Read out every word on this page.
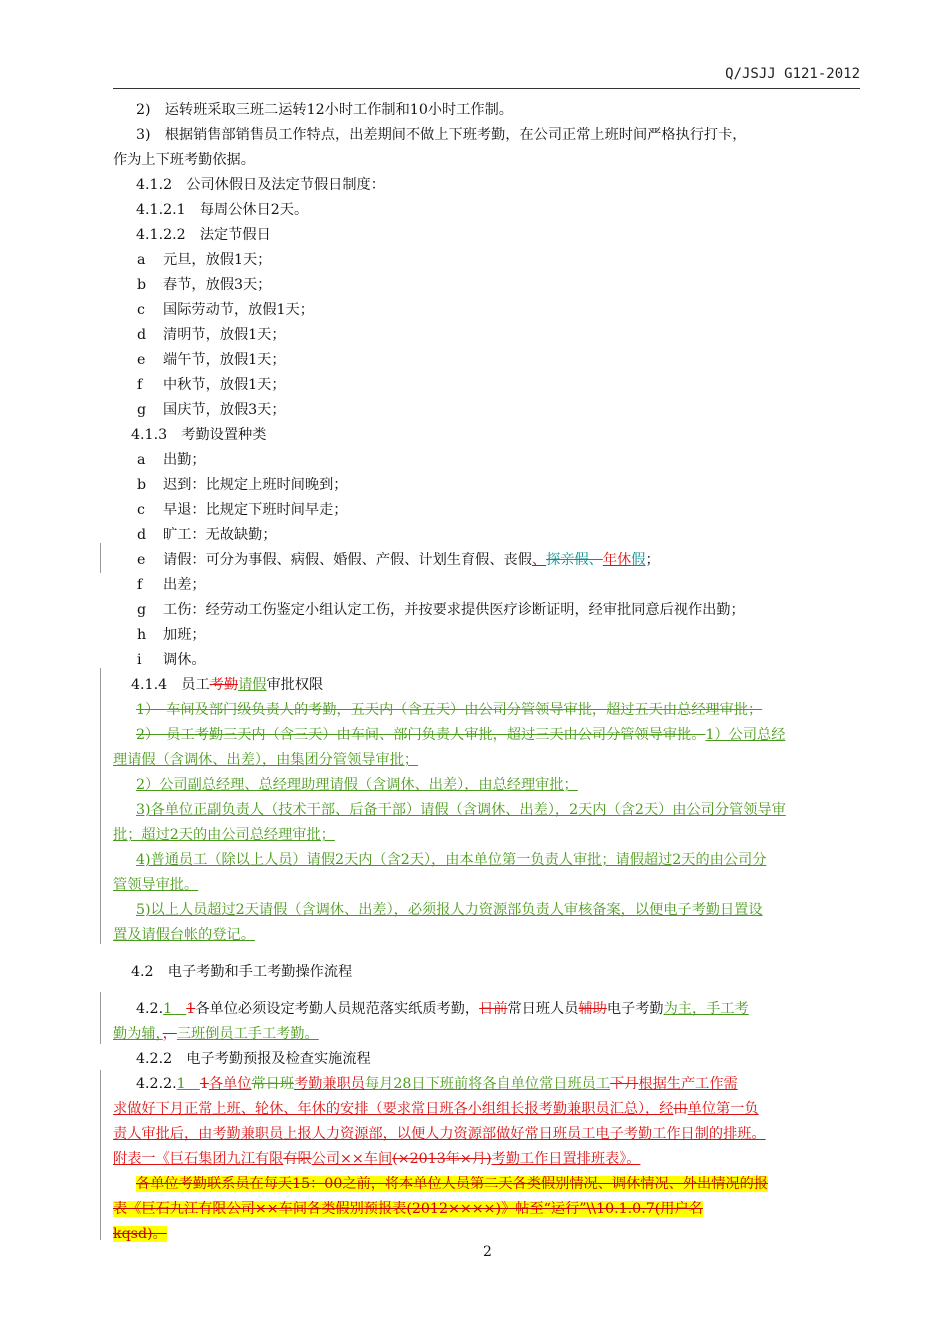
Q/JSJJ G121-2012
2)　运转班采取三班二运转12小时工作制和10小时工作制。
3)　根据销售部销售员工作特点，出差期间不做上下班考勤，在公司正常上班时间严格执行打卡，
作为上下班考勤依据。
4.1.2　公司休假日及法定节假日制度：
4.1.2.1　每周公休日2天。
4.1.2.2　法定节假日
a 元旦，放假1天；
b 春节，放假3天；
c 国际劳动节，放假1天；
d 清明节，放假1天；
e 端午节，放假1天；
f 中秋节，放假1天；
g 国庆节，放假3天；
4.1.3　考勤设置种类
a 出勤；
b 迟到：比规定上班时间晚到；
c 早退：比规定下班时间早走；
d 旷工：无故缺勤；
e 请假：可分为事假、病假、婚假、产假、计划生育假、丧假、探亲假、年休假；
f 出差；
g 工伤：经劳动工伤鉴定小组认定工伤，并按要求提供医疗诊断证明，经审批同意后视作出勤；
h 加班；
i 调休。
4.1.4　员工考勤请假审批权限
1）　车间及部门级负责人的考勤，五天内（含五天）由公司分管领导审批，超过五天由总经理审批；
2）　员工考勤三天内（含三天）由车间、部门负责人审批，超过三天由公司分管领导审批。1）公司总经
理请假（含调休、出差），由集团分管领导审批；
2）公司副总经理、总经理助理请假（含调休、出差），由总经理审批；
3)各单位正副负责人（技术干部、后备干部）请假（含调休、出差），2天内（含2天）由公司分管领导审
批；超过2天的由公司总经理审批；
4)普通员工（除以上人员）请假2天内（含2天），由本单位第一负责人审批；请假超过2天的由公司分
管领导审批。
5)以上人员超过2天请假（含调休、出差），必须报人力资源部负责人审核备案，以便电子考勤日置设
置及请假台帐的登记。
4.2　电子考勤和手工考勤操作流程
4.2.1　1各单位必须设定考勤人员规范落实纸质考勤，日前常日班人员辅助电子考勤为主，手工考
勤为辅，，三班倒员工手工考勤。
4.2.2　电子考勤预报及检查实施流程
4.2.2.1　1各单位常日班考勤兼职员每月28日下班前将各自单位常日班员工下月根据生产工作需
求做好下月正常上班、轮休、年休的安排（要求常日班各小组组长报考勤兼职员汇总），经由单位第一负
责人审批后，由考勤兼职员上报人力资源部，以便人力资源部做好常日班员工电子考勤工作日制的排班。
附表一《巨石集团九江有限有限公司××车间(×2013年×月)考勤工作日置排班表》。
各单位考勤联系员在每天15：00之前，将本单位人员第二天各类假别情况、调休情况、外出情况的报
表《巨石九江有限公司××车间各类假别预报表(2012××××)》帖至“运行”\\10.1.0.7(用户名
kqsd)。
2
